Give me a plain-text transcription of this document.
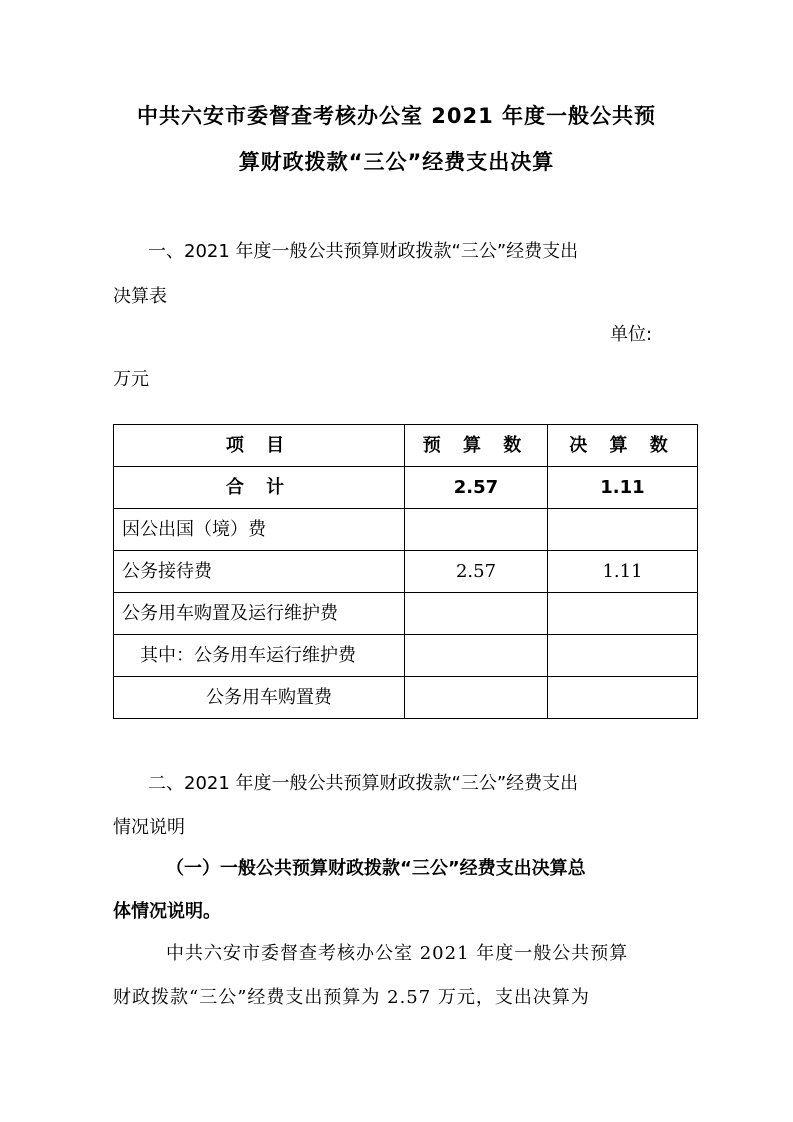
中共六安市委督查考核办公室 2021 年度一般公共预
算财政拨款“三公”经费支出决算
一、2021 年度一般公共预算财政拨款“三公”经费支出
决算表
单位:
万元
项 目	预 算 数	决 算 数
合 计	2.57	1.11
因公出国（境）费		
公务接待费	2.57	1.11
公务用车购置及运行维护费		
其中：公务用车运行维护费		
公务用车购置费		
二、2021 年度一般公共预算财政拨款“三公”经费支出
情况说明
（一）一般公共预算财政拨款“三公”经费支出决算总
体情况说明。
中共六安市委督查考核办公室 2021 年度一般公共预算
财政拨款“三公”经费支出预算为 2.57 万元，支出决算为
